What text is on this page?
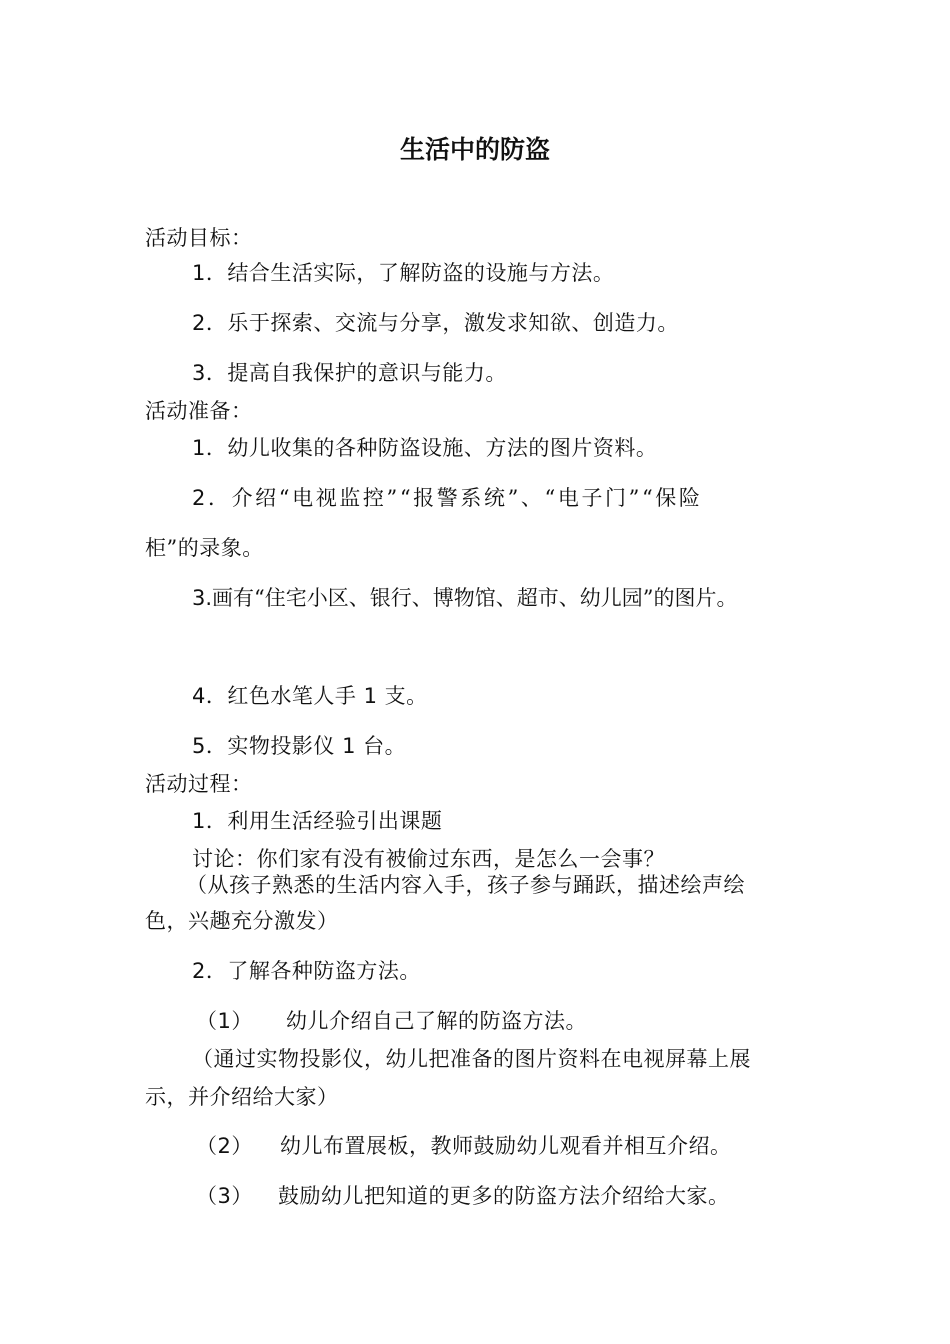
生活中的防盗
活动目标：
1．结合生活实际，了解防盗的设施与方法。
2．乐于探索、交流与分享，激发求知欲、创造力。
3．提高自我保护的意识与能力。
活动准备：
1．幼儿收集的各种防盗设施、方法的图片资料。
2．介绍“电视监控”“报警系统”、“电子门”“保险
柜”的录象。
3.画有“住宅小区、银行、博物馆、超市、幼儿园”的图片。
4．红色水笔人手 1 支。
5．实物投影仪 1 台。
活动过程：
1．利用生活经验引出课题
讨论：你们家有没有被偷过东西，是怎么一会事？
（从孩子熟悉的生活内容入手，孩子参与踊跃，描述绘声绘
色，兴趣充分激发）
2．了解各种防盗方法。
（1） 幼儿介绍自己了解的防盗方法。
（通过实物投影仪，幼儿把准备的图片资料在电视屏幕上展
示，并介绍给大家）
（2） 幼儿布置展板，教师鼓励幼儿观看并相互介绍。
（3） 鼓励幼儿把知道的更多的防盗方法介绍给大家。
